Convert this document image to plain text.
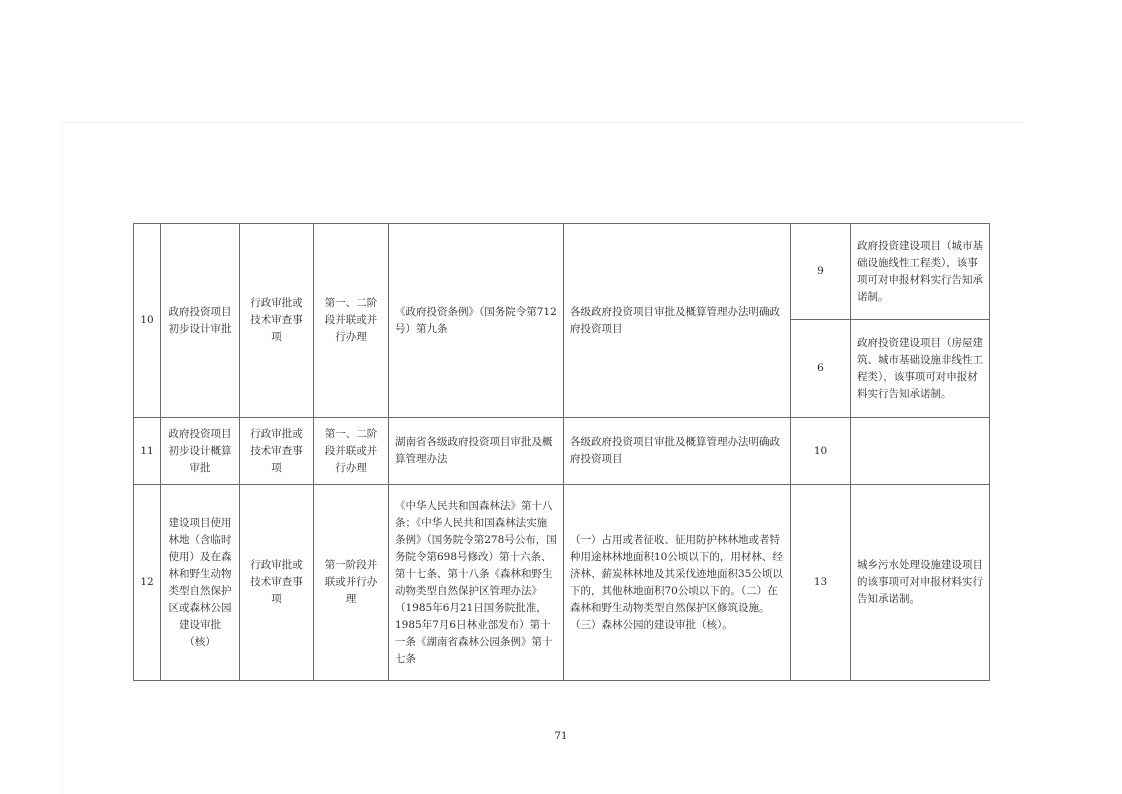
10	政府投资项目初步设计审批	行政审批或技术审查事项	第一、二阶段并联或并行办理	《政府投资条例》（国务院令第712号）第九条	各级政府投资项目审批及概算管理办法明确政府投资项目	9	政府投资建设项目（城市基础设施线性工程类），该事项可对申报材料实行告知承诺制。
						6	政府投资建设项目（房屋建筑、城市基础设施非线性工程类），该事项可对申报材料实行告知承诺制。
11	政府投资项目初步设计概算审批	行政审批或技术审查事项	第一、二阶段并联或并行办理	湖南省各级政府投资项目审批及概算管理办法	各级政府投资项目审批及概算管理办法明确政府投资项目	10	
12	建设项目使用林地（含临时使用）及在森林和野生动物类型自然保护区或森林公园建设审批（核）	行政审批或技术审查事项	第一阶段并联或并行办理	《中华人民共和国森林法》第十八条；《中华人民共和国森林法实施条例》（国务院令第278号公布，国务院令第698号修改）第十六条、第十七条、第十八条《森林和野生动物类型自然保护区管理办法》（1985年6月21日国务院批准，1985年7月6日林业部发布）第十一条《湖南省森林公园条例》第十七条	（一）占用或者征收、征用防护林林地或者特种用途林林地面积10公顷以下的，用材林、经济林、薪炭林林地及其采伐迹地面积35公顷以下的，其他林地面积70公顷以下的。（二）在森林和野生动物类型自然保护区修筑设施。（三）森林公园的建设审批（核）。	13	城乡污水处理设施建设项目的该事项可对申报材料实行告知承诺制。
71
